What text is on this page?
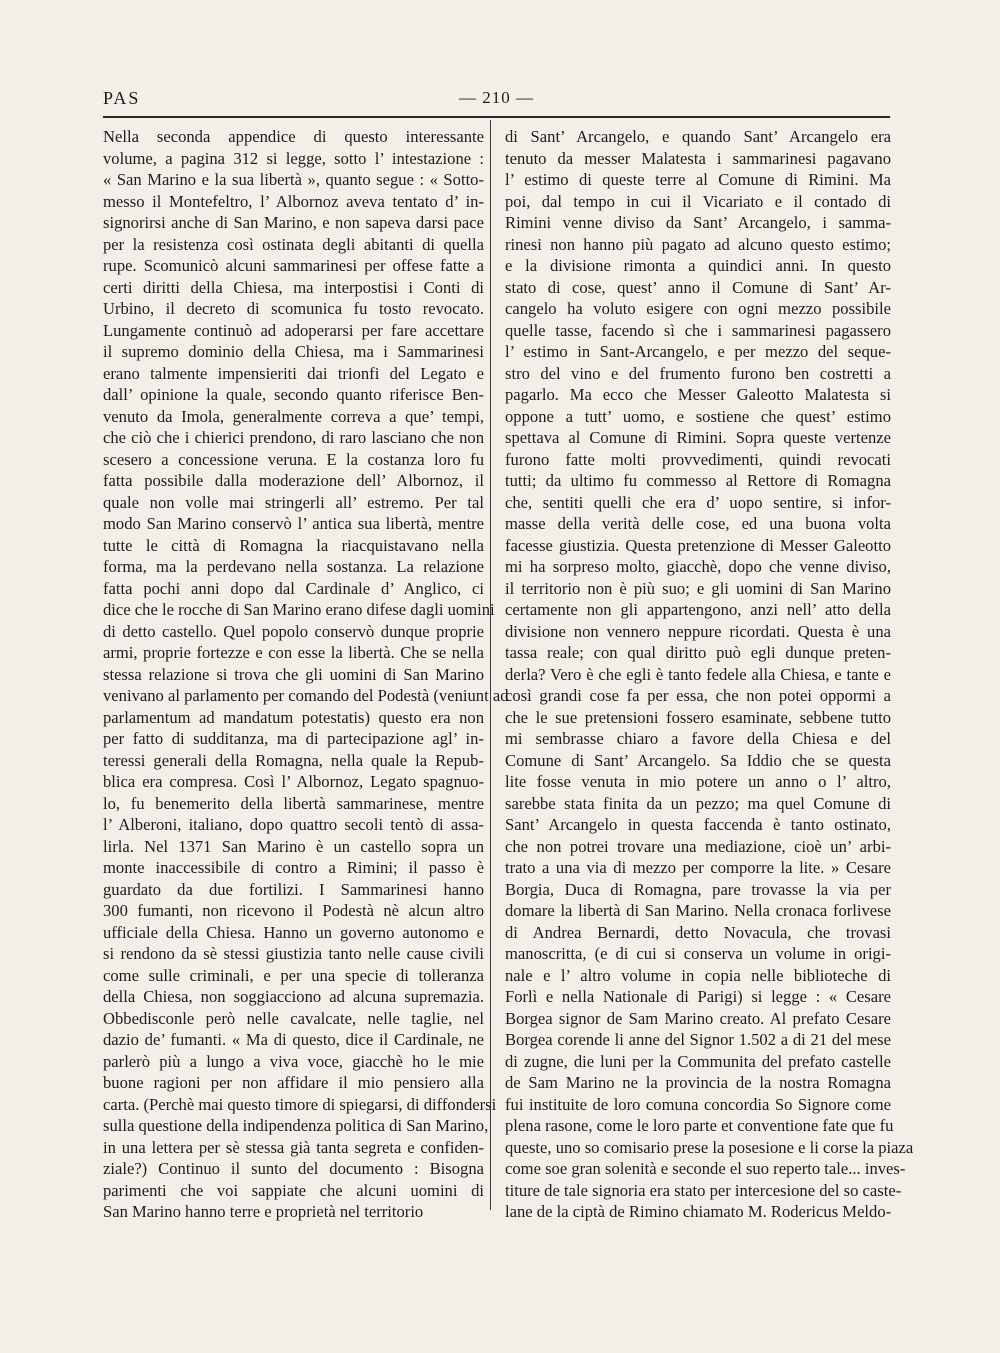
PAS	— 210 —
Nella seconda appendice di questo interessante
volume, a pagina 312 si legge, sotto l’ intestazione :
« San Marino e la sua libertà », quanto segue : « Sotto-
messo il Montefeltro, l’ Albornoz aveva tentato d’ in-
signorirsi anche di San Marino, e non sapeva darsi pace
per la resistenza così ostinata degli abitanti di quella
rupe. Scomunicò alcuni sammarinesi per offese fatte a
certi diritti della Chiesa, ma interpostisi i Conti di
Urbino, il decreto di scomunica fu tosto revocato.
Lungamente continuò ad adoperarsi per fare accettare
il supremo dominio della Chiesa, ma i Sammarinesi
erano talmente impensieriti dai trionfi del Legato e
dall’ opinione la quale, secondo quanto riferisce Ben-
venuto da Imola, generalmente correva a que’ tempi,
che ciò che i chierici prendono, di raro lasciano che non
scesero a concessione veruna. E la costanza loro fu
fatta possibile dalla moderazione dell’ Albornoz, il
quale non volle mai stringerli all’ estremo. Per tal
modo San Marino conservò l’ antica sua libertà, mentre
tutte le città di Romagna la riacquistavano nella
forma, ma la perdevano nella sostanza. La relazione
fatta pochi anni dopo dal Cardinale d’ Anglico, ci
dice che le rocche di San Marino erano difese dagli uomini
di detto castello. Quel popolo conservò dunque proprie
armi, proprie fortezze e con esse la libertà. Che se nella
stessa relazione si trova che gli uomini di San Marino
venivano al parlamento per comando del Podestà (veniunt ad
parlamentum ad mandatum potestatis) questo era non
per fatto di sudditanza, ma di partecipazione agl’ in-
teressi generali della Romagna, nella quale la Repub-
blica era compresa. Così l’ Albornoz, Legato spagnuo-
lo, fu benemerito della libertà sammarinese, mentre
l’ Alberoni, italiano, dopo quattro secoli tentò di assa-
lirla. Nel 1371 San Marino è un castello sopra un
monte inaccessibile di contro a Rimini; il passo è
guardato da due fortilizi. I Sammarinesi hanno
300 fumanti, non ricevono il Podestà nè alcun altro
ufficiale della Chiesa. Hanno un governo autonomo e
si rendono da sè stessi giustizia tanto nelle cause civili
come sulle criminali, e per una specie di tolleranza
della Chiesa, non soggiacciono ad alcuna supremazia.
Obbedisconle però nelle cavalcate, nelle taglie, nel
dazio de’ fumanti. « Ma di questo, dice il Cardinale, ne
parlerò più a lungo a viva voce, giacchè ho le mie
buone ragioni per non affidare il mio pensiero alla
carta. (Perchè mai questo timore di spiegarsi, di diffondersi
sulla questione della indipendenza politica di San Marino,
in una lettera per sè stessa già tanta segreta e confiden-
ziale?) Continuo il sunto del documento : Bisogna
parimenti che voi sappiate che alcuni uomini di
San Marino hanno terre e proprietà nel territorio
di Sant’ Arcangelo, e quando Sant’ Arcangelo era
tenuto da messer Malatesta i sammarinesi pagavano
l’ estimo di queste terre al Comune di Rimini. Ma
poi, dal tempo in cui il Vicariato e il contado di
Rimini venne diviso da Sant’ Arcangelo, i samma-
rinesi non hanno più pagato ad alcuno questo estimo;
e la divisione rimonta a quindici anni. In questo
stato di cose, quest’ anno il Comune di Sant’ Ar-
cangelo ha voluto esigere con ogni mezzo possibile
quelle tasse, facendo sì che i sammarinesi pagassero
l’ estimo in Sant-Arcangelo, e per mezzo del seque-
stro del vino e del frumento furono ben costretti a
pagarlo. Ma ecco che Messer Galeotto Malatesta si
oppone a tutt’ uomo, e sostiene che quest’ estimo
spettava al Comune di Rimini. Sopra queste vertenze
furono fatte molti provvedimenti, quindi revocati
tutti; da ultimo fu commesso al Rettore di Romagna
che, sentiti quelli che era d’ uopo sentire, si infor-
masse della verità delle cose, ed una buona volta
facesse giustizia. Questa pretenzione di Messer Galeotto
mi ha sorpreso molto, giacchè, dopo che venne diviso,
il territorio non è più suo; e gli uomini di San Marino
certamente non gli appartengono, anzi nell’ atto della
divisione non vennero neppure ricordati. Questa è una
tassa reale; con qual diritto può egli dunque preten-
derla? Vero è che egli è tanto fedele alla Chiesa, e tante e
così grandi cose fa per essa, che non potei oppormi a
che le sue pretensioni fossero esaminate, sebbene tutto
mi sembrasse chiaro a favore della Chiesa e del
Comune di Sant’ Arcangelo. Sa Iddio che se questa
lite fosse venuta in mio potere un anno o l’ altro,
sarebbe stata finita da un pezzo; ma quel Comune di
Sant’ Arcangelo in questa faccenda è tanto ostinato,
che non potrei trovare una mediazione, cioè un’ arbi-
trato a una via di mezzo per comporre la lite. » Cesare
Borgia, Duca di Romagna, pare trovasse la via per
domare la libertà di San Marino. Nella cronaca forlivese
di Andrea Bernardi, detto Novacula, che trovasi
manoscritta, (e di cui si conserva un volume in origi-
nale e l’ altro volume in copia nelle biblioteche di
Forlì e nella Nationale di Parigi) si legge : « Cesare
Borgea signor de Sam Marino creato. Al prefato Cesare
Borgea corende li anne del Signor 1.502 a di 21 del mese
di zugne, die luni per la Communita del prefato castelle
de Sam Marino ne la provincia de la nostra Romagna
fui instituite de loro comuna concordia So Signore come
plena rasone, come le loro parte et conventione fate que fu
queste, uno so comisario prese la posesione e li corse la piaza
come soe gran solenità e seconde el suo reperto tale... inves-
titure de tale signoria era stato per intercesione del so caste-
lane de la ciptà de Rimino chiamato M. Rodericus Meldo-
